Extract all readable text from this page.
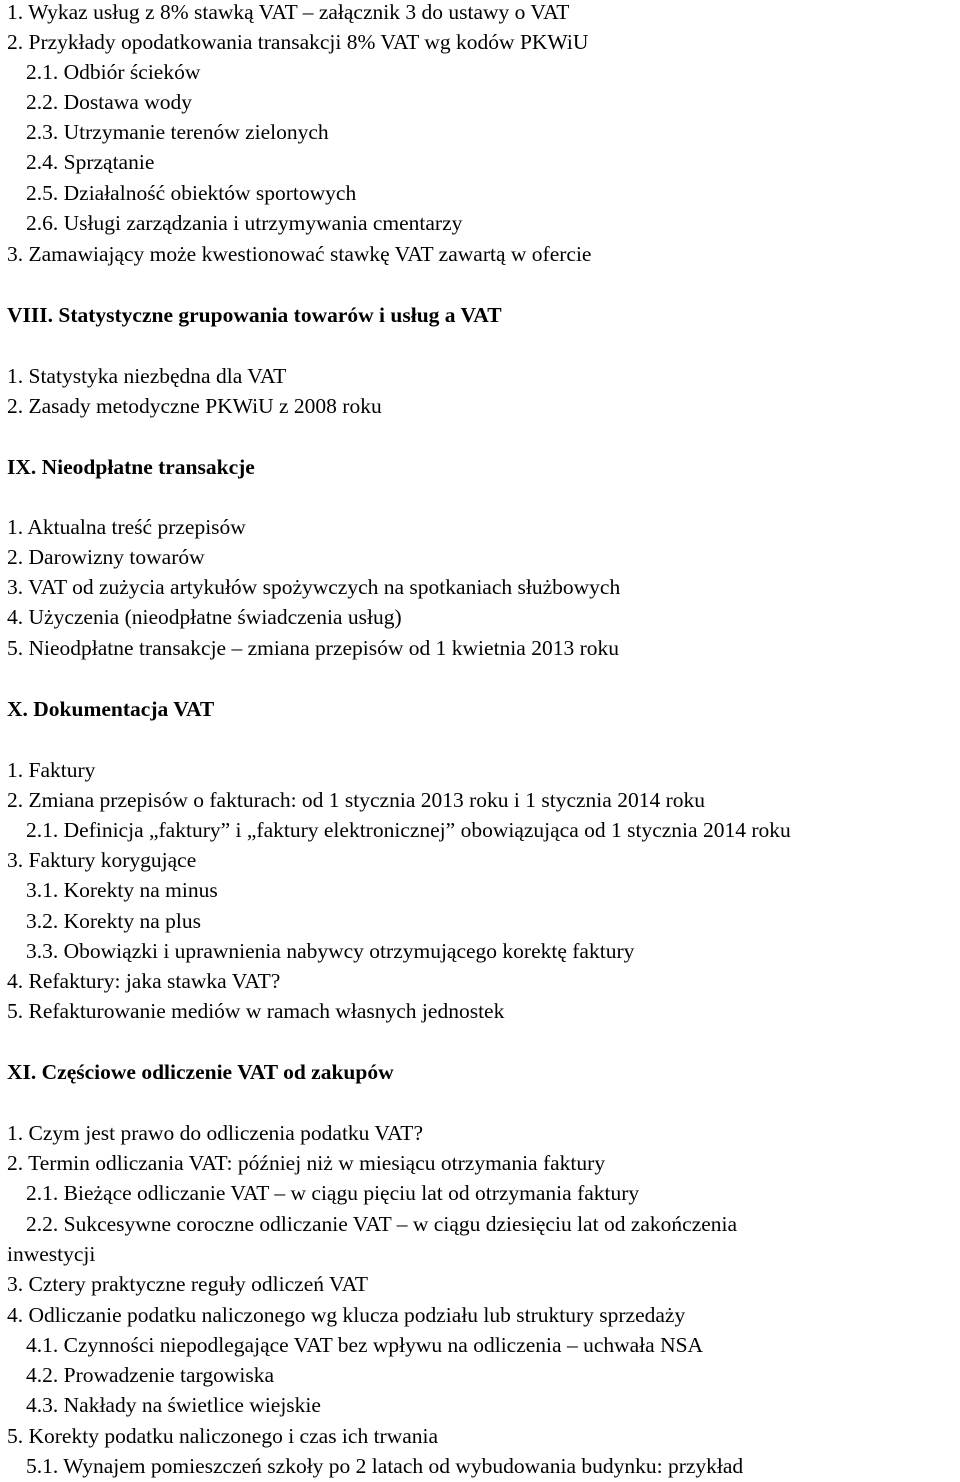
1. Wykaz usług z 8% stawką VAT – załącznik 3 do ustawy o VAT
2. Przykłady opodatkowania transakcji 8% VAT wg kodów PKWiU
2.1. Odbiór ścieków
2.2. Dostawa wody
2.3. Utrzymanie terenów zielonych
2.4. Sprzątanie
2.5. Działalność obiektów sportowych
2.6. Usługi zarządzania i utrzymywania cmentarzy
3. Zamawiający może kwestionować stawkę VAT zawartą w ofercie
VIII. Statystyczne grupowania towarów i usług a VAT
1. Statystyka niezbędna dla VAT
2. Zasady metodyczne PKWiU z 2008 roku
IX. Nieodpłatne transakcje
1. Aktualna treść przepisów
2. Darowizny towarów
3. VAT od zużycia artykułów spożywczych na spotkaniach służbowych
4. Użyczenia (nieodpłatne świadczenia usług)
5. Nieodpłatne transakcje – zmiana przepisów od 1 kwietnia 2013 roku
X. Dokumentacja VAT
1. Faktury
2. Zmiana przepisów o fakturach: od 1 stycznia 2013 roku i 1 stycznia 2014 roku
2.1. Definicja „faktury” i „faktury elektronicznej” obowiązująca od 1 stycznia 2014 roku
3. Faktury korygujące
3.1. Korekty na minus
3.2. Korekty na plus
3.3. Obowiązki i uprawnienia nabywcy otrzymującego korektę faktury
4. Refaktury: jaka stawka VAT?
5. Refakturowanie mediów w ramach własnych jednostek
XI. Częściowe odliczenie VAT od zakupów
1. Czym jest prawo do odliczenia podatku VAT?
2. Termin odliczania VAT: później niż w miesiącu otrzymania faktury
2.1. Bieżące odliczanie VAT – w ciągu pięciu lat od otrzymania faktury
2.2. Sukcesywne coroczne odliczanie VAT – w ciągu dziesięciu lat od zakończenia
inwestycji
3. Cztery praktyczne reguły odliczeń VAT
4. Odliczanie podatku naliczonego wg klucza podziału lub struktury sprzedaży
4.1. Czynności niepodlegające VAT bez wpływu na odliczenia – uchwała NSA
4.2. Prowadzenie targowiska
4.3. Nakłady na świetlice wiejskie
5. Korekty podatku naliczonego i czas ich trwania
5.1. Wynajem pomieszczeń szkoły po 2 latach od wybudowania budynku: przykład
